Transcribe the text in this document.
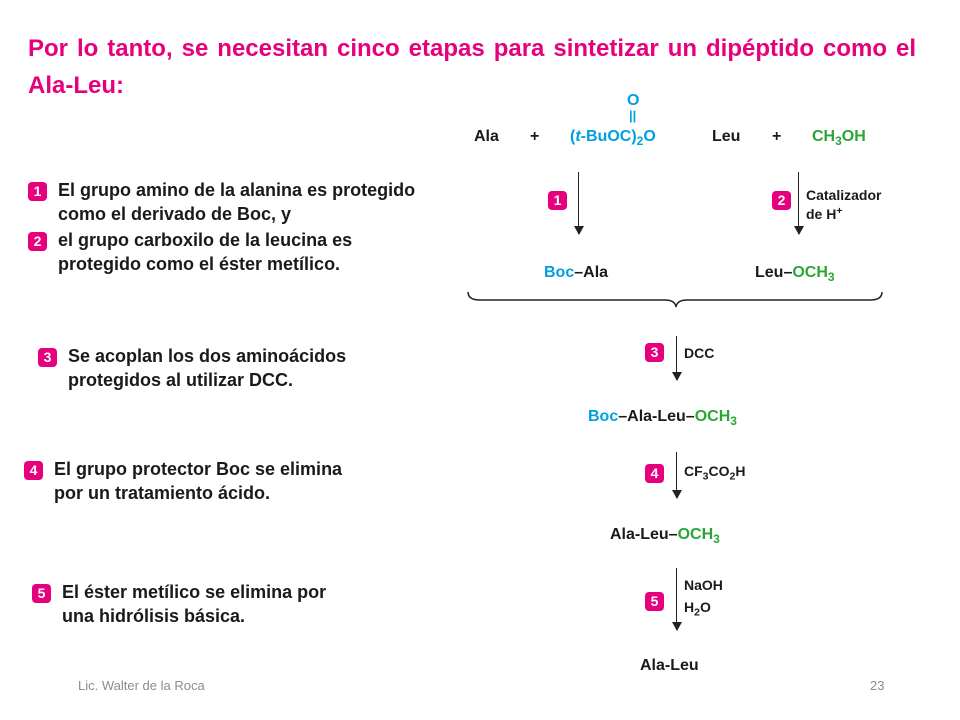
Por lo tanto, se necesitan cinco etapas para sintetizar un dipéptido como el Ala-Leu:
1 El grupo amino de la alanina es protegido
como el derivado de Boc, y
2 el grupo carboxilo de la leucina es
protegido como el éster metílico.
3 Se acoplan los dos aminoácidos
protegidos al utilizar DCC.
4 El grupo protector Boc se elimina
por un tratamiento ácido.
5 El éster metílico se elimina por
una hidrólisis básica.
Ala +
O
||
$(t-BuOC)_2O$	Leu + $CH_3OH$
1	2	Catalizador
de H+
Boc–Ala	Leu–$OCH_3$
3	DCC
Boc–$Ala-Leu-OCH_3$
4	$CF_3CO_2H$
Ala-$Leu-OCH_3$
5
NaOH
$H_2O$
Ala-Leu
Lic. Walter de la Roca	23
